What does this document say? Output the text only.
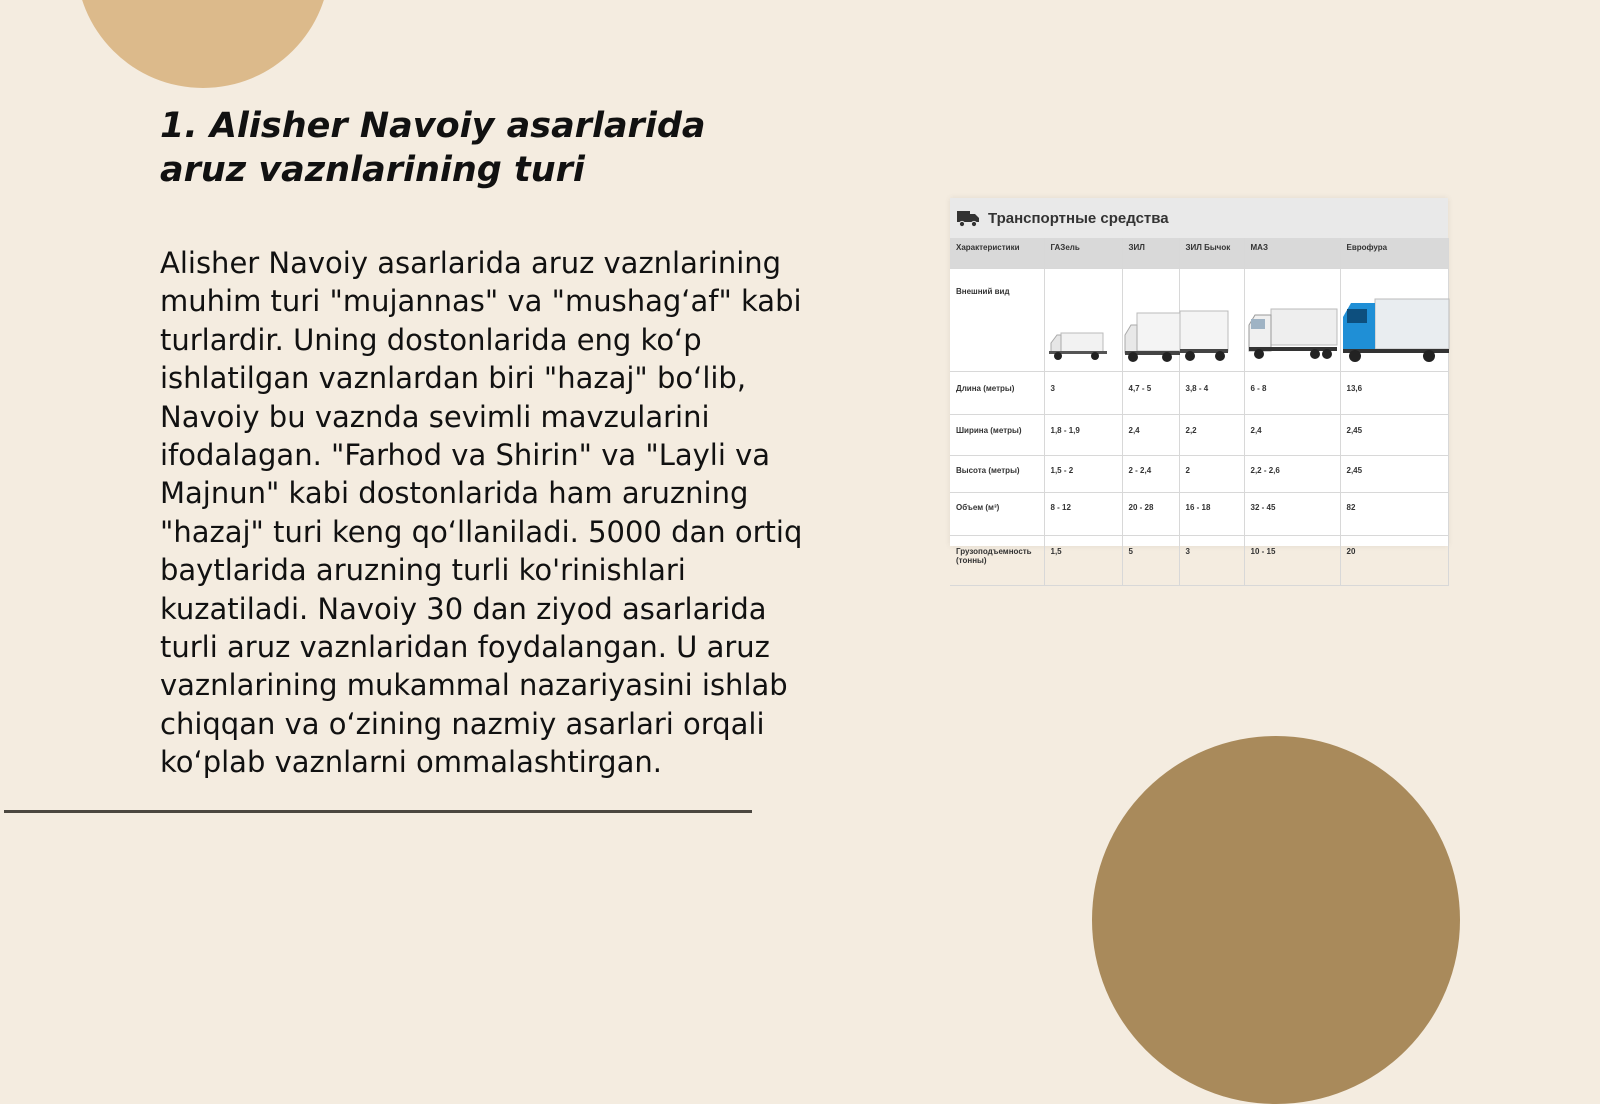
1. Alisher Navoiy asarlarida aruz vaznlarining turi

Alisher Navoiy asarlarida aruz vaznlarining muhim turi "mujannas" va "mushag‘af" kabi turlardir. Uning dostonlarida eng ko‘p ishlatilgan vaznlardan biri "hazaj" bo‘lib, Navoiy bu vaznda sevimli mavzularini ifodalagan. "Farhod va Shirin" va "Layli va Majnun" kabi dostonlarida ham aruzning "hazaj" turi keng qo‘llaniladi. 5000 dan ortiq baytlarida aruzning turli ko'rinishlari kuzatiladi. Navoiy 30 dan ziyod asarlarida turli aruz vaznlaridan foydalangan. U aruz vaznlarining mukammal nazariyasini ishlab chiqqan va o‘zining nazmiy asarlari orqali ko‘plab vaznlarni ommalashtirgan.

Транспортные средства
Характеристики	ГАЗель	ЗИЛ	ЗИЛ Бычок	МАЗ	Еврофура
Внешний вид	

Длина (метры)	3	4,7 - 5	3,8 - 4	6 - 8	13,6
Ширина (метры)	1,8 - 1,9	2,4	2,2	2,4	2,45
Высота (метры)	1,5 - 2	2 - 2,4	2	2,2 - 2,6	2,45
Объем (м³)	8 - 12	20 - 28	16 - 18	32 - 45	82
Грузоподъемность (тонны)	1,5	5	3	10 - 15	20
